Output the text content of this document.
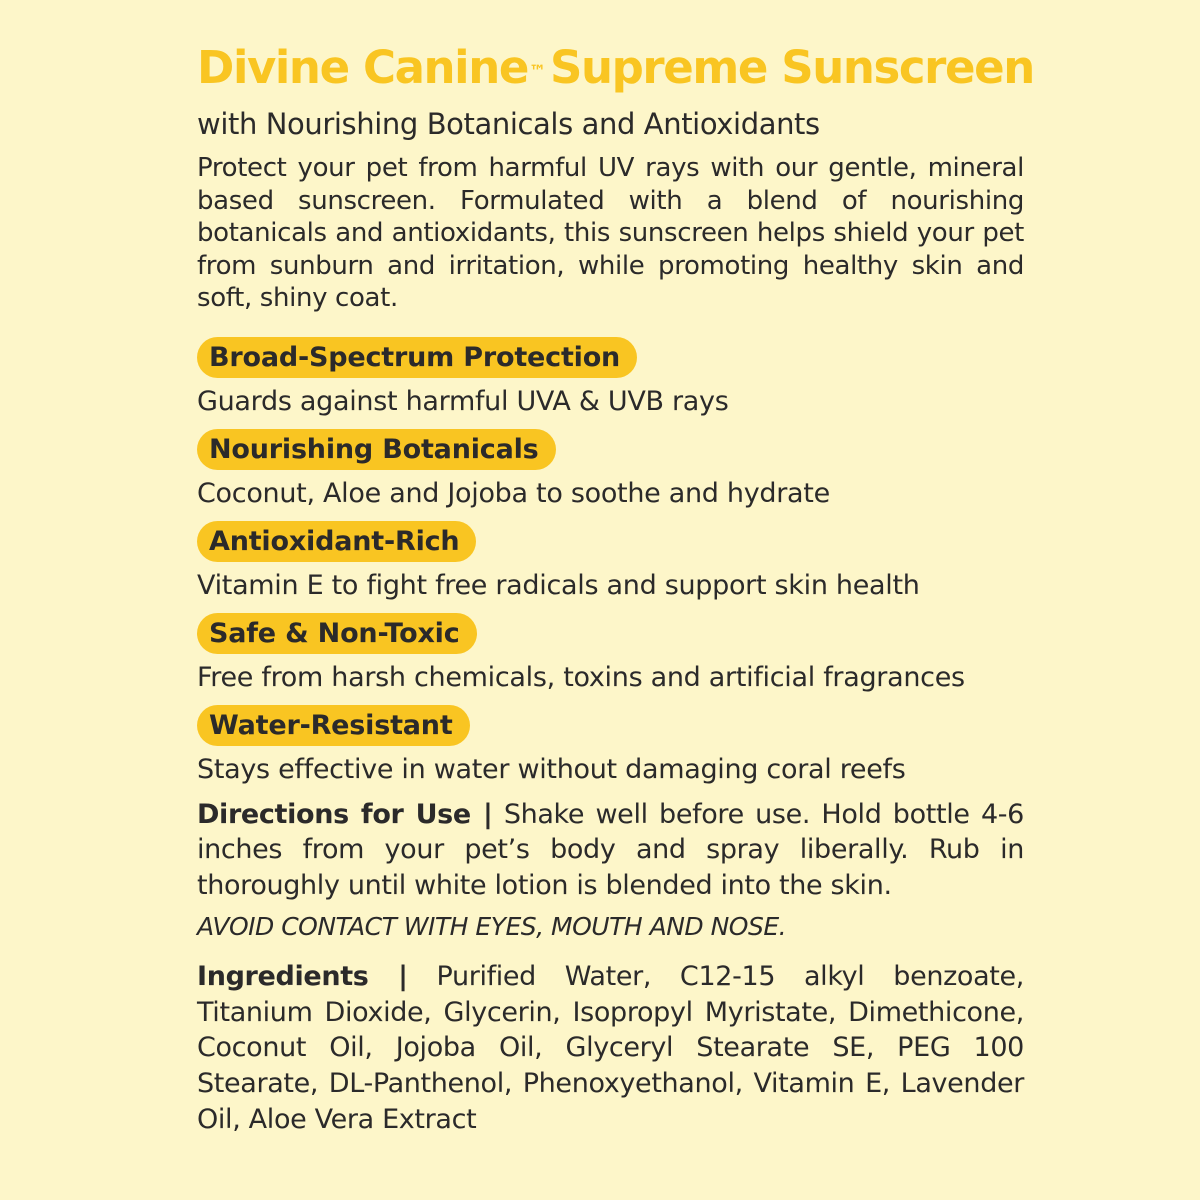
Divine Canine™Supreme Sunscreen

with Nourishing Botanicals and Antioxidants

Protect your pet from harmful UV rays with our gentle, mineral based sunscreen. Formulated with a blend of nourishing botanicals and antioxidants, this sunscreen helps shield your pet from sunburn and irritation, while promoting healthy skin and soft, shiny coat.

Broad-Spectrum Protection

Guards against harmful UVA & UVB rays

Nourishing Botanicals

Coconut, Aloe and Jojoba to soothe and hydrate

Antioxidant-Rich

Vitamin E to fight free radicals and support skin health

Safe & Non-Toxic

Free from harsh chemicals, toxins and artificial fragrances

Water-Resistant

Stays effective in water without damaging coral reefs

Directions for Use | Shake well before use. Hold bottle 4-6 inches from your pet’s body and spray liberally. Rub in thoroughly until white lotion is blended into the skin.

AVOID CONTACT WITH EYES, MOUTH AND NOSE.

Ingredients | Purified Water, C12-15 alkyl benzoate, Titanium Dioxide, Glycerin, Isopropyl Myristate, Dimethicone, Coconut Oil, Jojoba Oil, Glyceryl Stearate SE, PEG 100 Stearate, DL-Panthenol, Phenoxyethanol, Vitamin E, Lavender Oil, Aloe Vera Extract
